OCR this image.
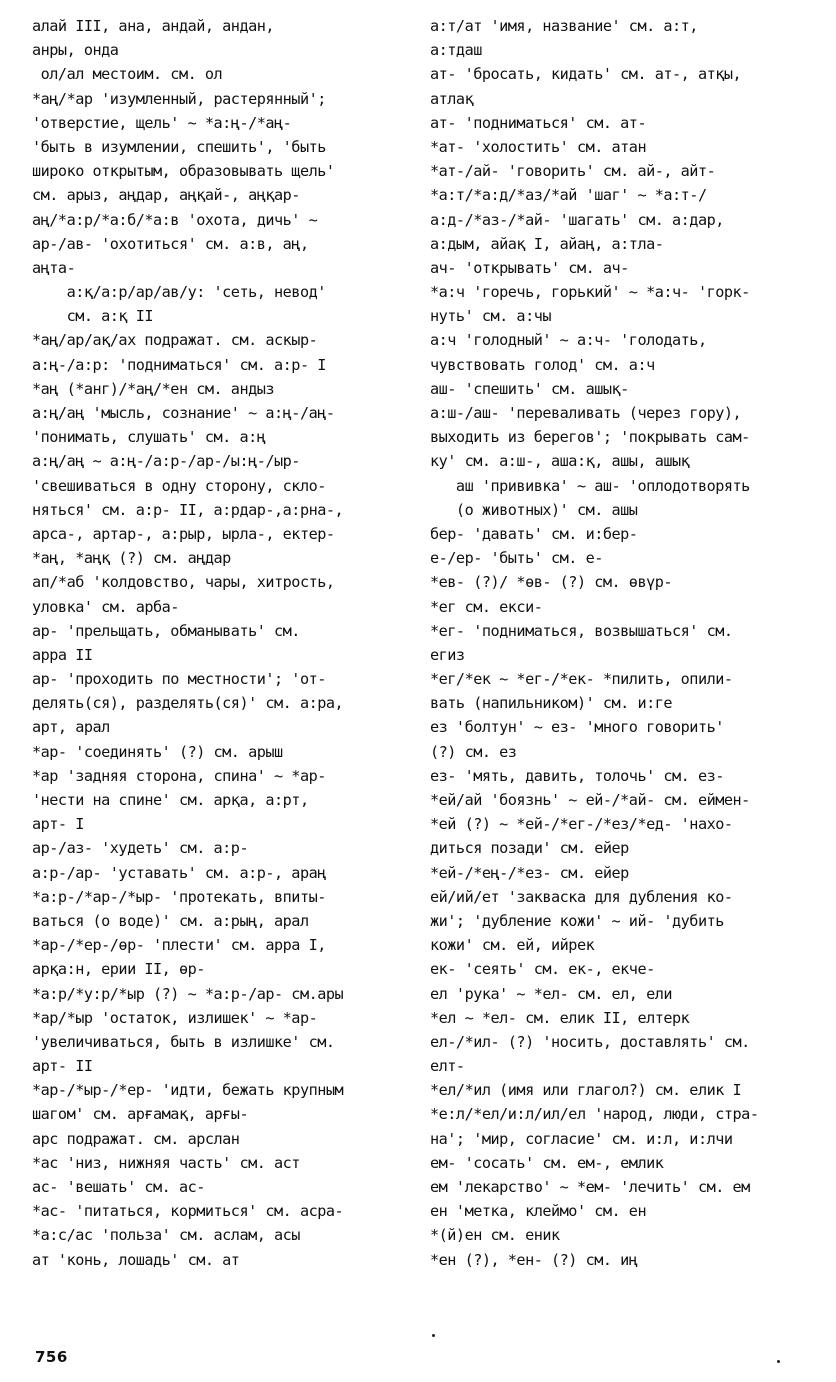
алай III, ана, андай, андан,
анры, онда
ол/ал местоим. см. ол
*аң/*ар 'изумленный, растерянный';
'отверстие, щель' ~ *а:ң-/*аң-
'быть в изумлении, спешить', 'быть
широко открытым, образовывать щель'
см. арыз, аңдар, аңқай-, аңқар-
аң/*а:р/*а:б/*а:в 'охота, дичь' ~
ар-/ав- 'охотиться' см. а:в, аң,
аңта-
а:қ/а:р/ар/ав/у: 'сеть, невод'
см. а:қ II
*аң/ар/ақ/ах подражат. см. аскыр-
а:ң-/а:р: 'подниматься' см. а:р- I
*аң (*анг)/*аң/*ен см. андыз
а:ң/аң 'мысль, сознание' ~ а:ң-/аң-
'понимать, слушать' см. а:ң
а:ң/аң ~ а:ң-/а:р-/ар-/ы:ң-/ыр-
'свешиваться в одну сторону, скло-
няться' см. а:р- II, а:рдар-,а:рна-,
арса-, артар-, а:рыр, ырла-, ектер-
*аң, *аңқ (?) см. аңдар
ап/*аб 'колдовство, чары, хитрость,
уловка' см. арба-
ар- 'прельщать, обманывать' см.
арра II
ар- 'проходить по местности'; 'от-
делять(ся), разделять(ся)' см. а:ра,
арт, арал
*ар- 'соединять' (?) см. арыш
*ар 'задняя сторона, спина' ~ *ар-
'нести на спине' см. арқа, а:рт,
арт- I
ар-/аз- 'худеть' см. а:р-
а:р-/ар- 'уставать' см. а:р-, араң
*а:р-/*ар-/*ыр- 'протекать, впиты-
ваться (о воде)' см. а:рың, арал
*ар-/*ер-/өр- 'плести' см. арра I,
арқа:н, ерии II, өр-
*а:р/*у:р/*ыр (?) ~ *а:р-/ар- см.ары
*ар/*ыр 'остаток, излишек' ~ *ар-
'увеличиваться, быть в излишке' см.
арт- II
*ар-/*ыр-/*ер- 'идти, бежать крупным
шагом' см. арғамақ, арғы-
арс подражат. см. арслан
*ас 'низ, нижняя часть' см. аст
ас- 'вешать' см. ас-
*ас- 'питаться, кормиться' см. асра-
*а:с/ас 'польза' см. аслам, асы
ат 'конь, лошадь' см. ат
а:т/ат 'имя, название' см. а:т,
а:тдаш
ат- 'бросать, кидать' см. ат-, атқы,
атлақ
ат- 'подниматься' см. ат-
*ат- 'холостить' см. атан
*ат-/ай- 'говорить' см. ай-, айт-
*а:т/*а:д/*аз/*ай 'шаг' ~ *а:т-/
а:д-/*аз-/*ай- 'шагать' см. а:дар,
а:дым, айақ I, айаң, а:тла-
ач- 'открывать' см. ач-
*а:ч 'горечь, горький' ~ *а:ч- 'горк-
нуть' см. а:чы
а:ч 'голодный' ~ а:ч- 'голодать,
чувствовать голод' см. а:ч
аш- 'спешить' см. ашық-
а:ш-/аш- 'переваливать (через гору),
выходить из берегов'; 'покрывать сам-
ку' см. а:ш-, аша:қ, ашы, ашық
аш 'прививка' ~ аш- 'оплодотворять
(о животных)' см. ашы
бер- 'давать' см. и:бер-
е-/ер- 'быть' см. е-
*ев- (?)/ *өв- (?) см. өвүр-
*ег см. екси-
*ег- 'подниматься, возвышаться' см.
егиз
*ег/*ек ~ *ег-/*ек- *пилить, опили-
вать (напильником)' см. и:ге
ез 'болтун' ~ ез- 'много говорить'
(?) см. ез
ез- 'мять, давить, толочь' см. ез-
*ей/ай 'боязнь' ~ ей-/*ай- см. еймен-
*ей (?) ~ *ей-/*ег-/*ез/*ед- 'нахо-
диться позади' см. ейер
*ей-/*ең-/*ез- см. ейер
ей/ий/ет 'закваска для дубления ко-
жи'; 'дубление кожи' ~ ий- 'дубить
кожи' см. ей, ийрек
ек- 'сеять' см. ек-, екче-
ел 'рука' ~ *ел- см. ел, ели
*ел ~ *ел- см. елик II, елтерк
ел-/*ил- (?) 'носить, доставлять' см.
елт-
*ел/*ил (имя или глагол?) см. елик I
*е:л/*ел/и:л/ил/ел 'народ, люди, стра-
на'; 'мир, согласие' см. и:л, и:лчи
ем- 'сосать' см. ем-, емлик
ем 'лекарство' ~ *ем- 'лечить' см. ем
ен 'метка, клеймо' см. ен
*(й)ен см. еник
*ен (?), *ен- (?) см. иң
756
